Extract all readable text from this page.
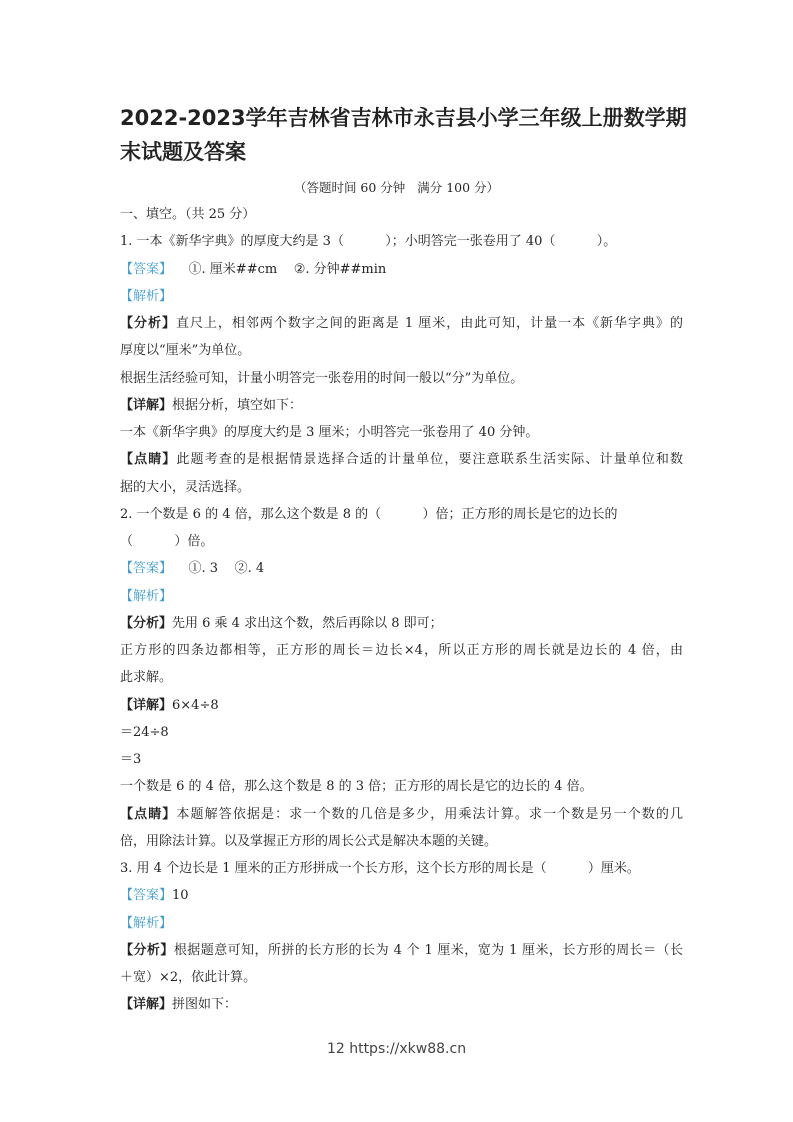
2022-2023学年吉林省吉林市永吉县小学三年级上册数学期
末试题及答案
（答题时间 60 分钟   满分 100 分）
一、填空。（共 25 分）
1. 一本《新华字典》的厚度大约是 3（          ）；小明答完一张卷用了 40（          ）。
【答案】    ①. 厘米##cm    ②. 分钟##min
【解析】
【分析】直尺上，相邻两个数字之间的距离是 1 厘米，由此可知，计量一本《新华字典》的
厚度以“厘米”为单位。
根据生活经验可知，计量小明答完一张卷用的时间一般以“分”为单位。
【详解】根据分析，填空如下：
一本《新华字典》的厚度大约是 3 厘米；小明答完一张卷用了 40 分钟。
【点睛】此题考查的是根据情景选择合适的计量单位，要注意联系生活实际、计量单位和数
据的大小，灵活选择。
2. 一个数是 6 的 4 倍，那么这个数是 8 的（          ）倍；正方形的周长是它的边长的
（          ）倍。
【答案】    ①. 3    ②. 4
【解析】
【分析】先用 6 乘 4 求出这个数，然后再除以 8 即可；
正方形的四条边都相等，正方形的周长＝边长×4，所以正方形的周长就是边长的 4 倍，由
此求解。
【详解】6×4÷8
＝24÷8
＝3
一个数是 6 的 4 倍，那么这个数是 8 的 3 倍；正方形的周长是它的边长的 4 倍。
【点睛】本题解答依据是：求一个数的几倍是多少，用乘法计算。求一个数是另一个数的几
倍，用除法计算。以及掌握正方形的周长公式是解决本题的关键。
3. 用 4 个边长是 1 厘米的正方形拼成一个长方形，这个长方形的周长是（          ）厘米。
【答案】10
【解析】
【分析】根据题意可知，所拼的长方形的长为 4 个 1 厘米，宽为 1 厘米，长方形的周长＝（长
＋宽）×2，依此计算。
【详解】拼图如下：
12 https://xkw88.cn
